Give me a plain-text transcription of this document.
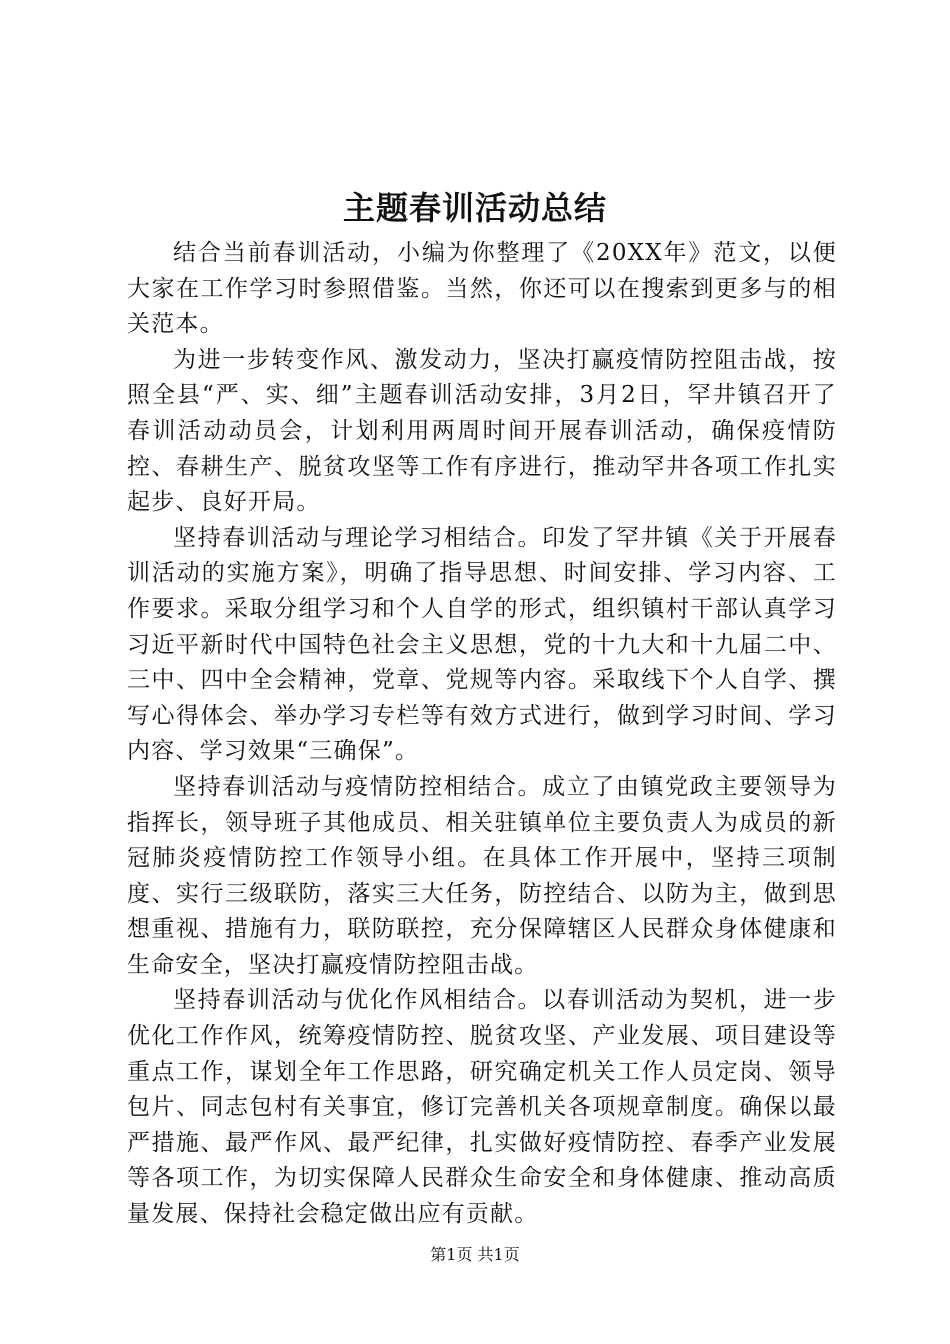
主题春训活动总结

结合当前春训活动，小编为你整理了《20XX年》范文，以便大家在工作学习时参照借鉴。当然，你还可以在搜索到更多与的相关范本。

为进一步转变作风、激发动力，坚决打赢疫情防控阻击战，按照全县“严、实、细”主题春训活动安排，3月2日，罕井镇召开了春训活动动员会，计划利用两周时间开展春训活动，确保疫情防控、春耕生产、脱贫攻坚等工作有序进行，推动罕井各项工作扎实起步、良好开局。

坚持春训活动与理论学习相结合。印发了罕井镇《关于开展春训活动的实施方案》，明确了指导思想、时间安排、学习内容、工作要求。采取分组学习和个人自学的形式，组织镇村干部认真学习习近平新时代中国特色社会主义思想，党的十九大和十九届二中、三中、四中全会精神，党章、党规等内容。采取线下个人自学、撰写心得体会、举办学习专栏等有效方式进行，做到学习时间、学习内容、学习效果“三确保”。

坚持春训活动与疫情防控相结合。成立了由镇党政主要领导为指挥长，领导班子其他成员、相关驻镇单位主要负责人为成员的新冠肺炎疫情防控工作领导小组。在具体工作开展中，坚持三项制度、实行三级联防，落实三大任务，防控结合、以防为主，做到思想重视、措施有力，联防联控，充分保障辖区人民群众身体健康和生命安全，坚决打赢疫情防控阻击战。

坚持春训活动与优化作风相结合。以春训活动为契机，进一步优化工作作风，统筹疫情防控、脱贫攻坚、产业发展、项目建设等重点工作，谋划全年工作思路，研究确定机关工作人员定岗、领导包片、同志包村有关事宜，修订完善机关各项规章制度。确保以最严措施、最严作风、最严纪律，扎实做好疫情防控、春季产业发展等各项工作，为切实保障人民群众生命安全和身体健康、推动高质量发展、保持社会稳定做出应有贡献。

第1页 共1页
